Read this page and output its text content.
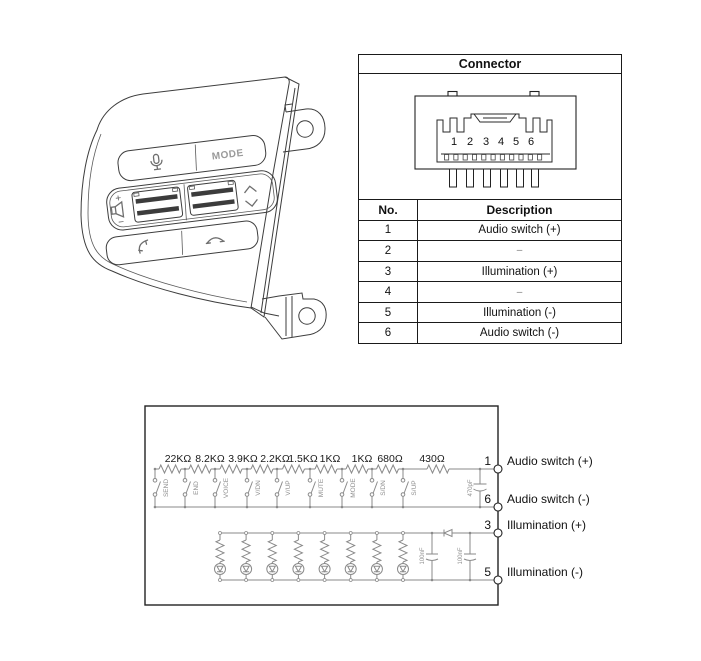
MODE
+
−
Connector
1 2 3 4 5 6
No.	Description
1	Audio switch (+)
2	–
3	Illumination (+)
4	–
5	Illumination (-)
6	Audio switch (-)
22KΩ 8.2KΩ 3.9KΩ 2.2KΩ
1.5KΩ 1KΩ 1KΩ 680Ω 430Ω
SEND	END	VOICE	V/DN	V/UP	MUTE	MODE	S/DN	S/UP	470pF
100nF	100nF
1 Audio switch (+)
6 Audio switch (-)
3 Illumination (+)
5 Illumination (-)
